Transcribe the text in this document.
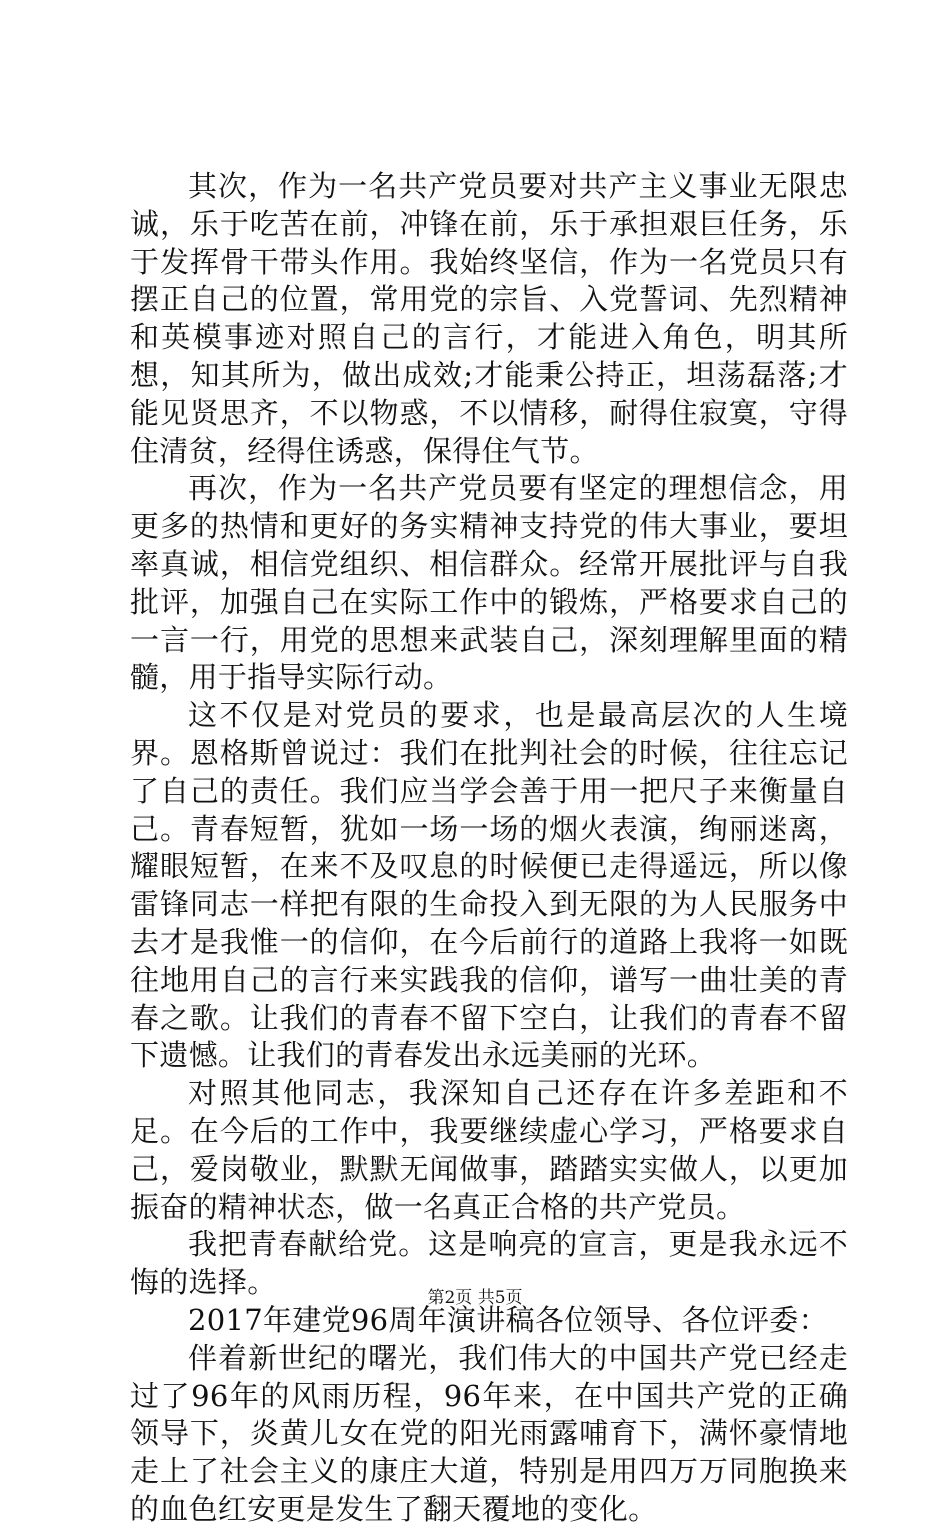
其次，作为一名共产党员要对共产主义事业无限忠诚，乐于吃苦在前，冲锋在前，乐于承担艰巨任务，乐于发挥骨干带头作用。我始终坚信，作为一名党员只有摆正自己的位置，常用党的宗旨、入党誓词、先烈精神和英模事迹对照自己的言行，才能进入角色，明其所想，知其所为，做出成效;才能秉公持正，坦荡磊落;才能见贤思齐，不以物惑，不以情移，耐得住寂寞，守得住清贫，经得住诱惑，保得住气节。

再次，作为一名共产党员要有坚定的理想信念，用更多的热情和更好的务实精神支持党的伟大事业，要坦率真诚，相信党组织、相信群众。经常开展批评与自我批评，加强自己在实际工作中的锻炼，严格要求自己的一言一行，用党的思想来武装自己，深刻理解里面的精髓，用于指导实际行动。

这不仅是对党员的要求，也是最高层次的人生境界。恩格斯曾说过：我们在批判社会的时候，往往忘记了自己的责任。我们应当学会善于用一把尺子来衡量自己。青春短暂，犹如一场一场的烟火表演，绚丽迷离，耀眼短暂，在来不及叹息的时候便已走得遥远，所以像雷锋同志一样把有限的生命投入到无限的为人民服务中去才是我惟一的信仰，在今后前行的道路上我将一如既往地用自己的言行来实践我的信仰，谱写一曲壮美的青春之歌。让我们的青春不留下空白，让我们的青春不留下遗憾。让我们的青春发出永远美丽的光环。

对照其他同志，我深知自己还存在许多差距和不足。在今后的工作中，我要继续虚心学习，严格要求自己，爱岗敬业，默默无闻做事，踏踏实实做人，以更加振奋的精神状态，做一名真正合格的共产党员。

我把青春献给党。这是响亮的宣言，更是我永远不悔的选择。

2017年建党96周年演讲稿各位领导、各位评委：

伴着新世纪的曙光，我们伟大的中国共产党已经走过了96年的风雨历程，96年来，在中国共产党的正确领导下，炎黄儿女在党的阳光雨露哺育下，满怀豪情地走上了社会主义的康庄大道，特别是用四万万同胞换来的血色红安更是发生了翻天覆地的变化。

第2页 共5页
